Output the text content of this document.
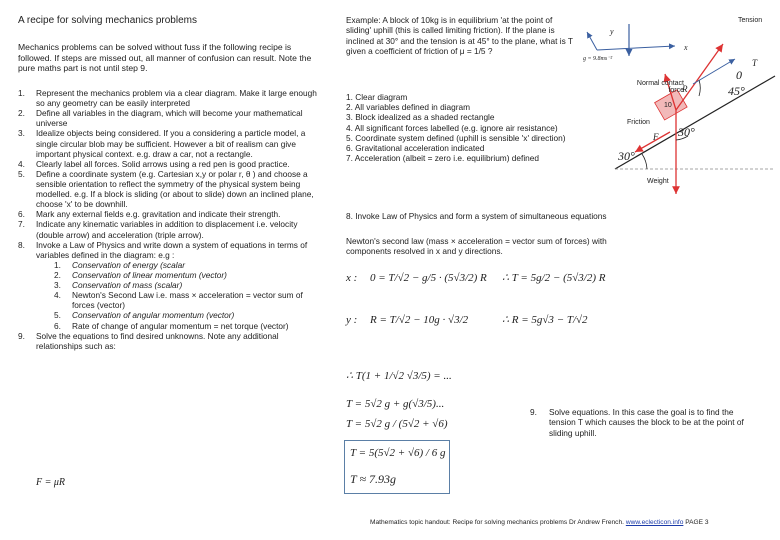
A recipe for solving mechanics problems
Mechanics problems can be solved without fuss if the following recipe is followed. If steps are missed out, all manner of confusion can result. Note the pure maths part is not until step 9.
1. Represent the mechanics problem via a clear diagram. Make it large enough so any geometry can be easily interpreted
2. Define all variables in the diagram, which will become your mathematical universe
3. Idealize objects being considered. If you a considering a particle model, a single circular blob may be sufficient. However a bit of realism can give important physical context. e.g. draw a car, not a rectangle.
4. Clearly label all forces. Solid arrows using a red pen is good practice.
5. Define a coordinate system (e.g. Cartesian x,y or polar r, θ ) and choose a sensible orientation to reflect the symmetry of the physical system being modelled. e.g. If a block is sliding (or about to slide) down an inclined plane, choose 'x' to be downhill.
6. Mark any external fields e.g. gravitation and indicate their strength.
7. Indicate any kinematic variables in addition to displacement i.e. velocity (double arrow) and acceleration (triple arrow).
8. Invoke a Law of Physics and write down a system of equations in terms of variables defined in the diagram: e.g :
1. Conservation of energy (scalar
2. Conservation of linear momentum (vector)
3. Conservation of mass (scalar)
4. Newton's Second Law i.e. mass × acceleration = vector sum of forces (vector)
5. Conservation of angular momentum (vector)
6. Rate of change of angular momentum = net torque (vector)
9. Solve the equations to find desired unknowns. Note any additional relationships such as:
F = μR
Example: A block of 10kg is in equilibrium 'at the point of sliding' uphill (this is called limiting friction). If the plane is inclined at 30° and the tension is at 45° to the plane, what is T given a coefficient of friction of μ = 1/5 ?
1. Clear diagram
2. All variables defined in diagram
3. Block idealized as a shaded rectangle
4. All significant forces labelled (e.g. ignore air resistance)
5. Coordinate system defined (uphill is sensible 'x' direction)
6. Gravitational acceleration indicated
7. Acceleration (albeit = zero i.e. equilibrium) defined
8. Invoke Law of Physics and form a system of simultaneous equations
Newton's second law (mass × acceleration = vector sum of forces) with components resolved in x and y directions.
9.	Solve equations. In this case the goal is to find the tension T which causes the block to be at the point of sliding uphill.
Tension
Normal contact force
Friction
Weight
45°
30°
30°
10
T
R
F
x
y
g = 9.8ms⁻²
0
x : 0 = T/√2 − g/5 · (5√3/2) R ∴ T = 5g/2 − (5√3/2) R
y : R = T/√2 − 10g · √3/2	∴ R = 5g√3 − T/√2
∴ T(1 + 1/√2 √3/5) = ...
T = 5√2 g + g(√3/5)...
T = 5√2 g / (5√2 + √6)
T = 5(5√2 + √6) / 6 g
T ≈ 7.93g
Mathematics topic handout: Recipe for solving mechanics problems Dr Andrew French. www.eclecticon.info PAGE 3
